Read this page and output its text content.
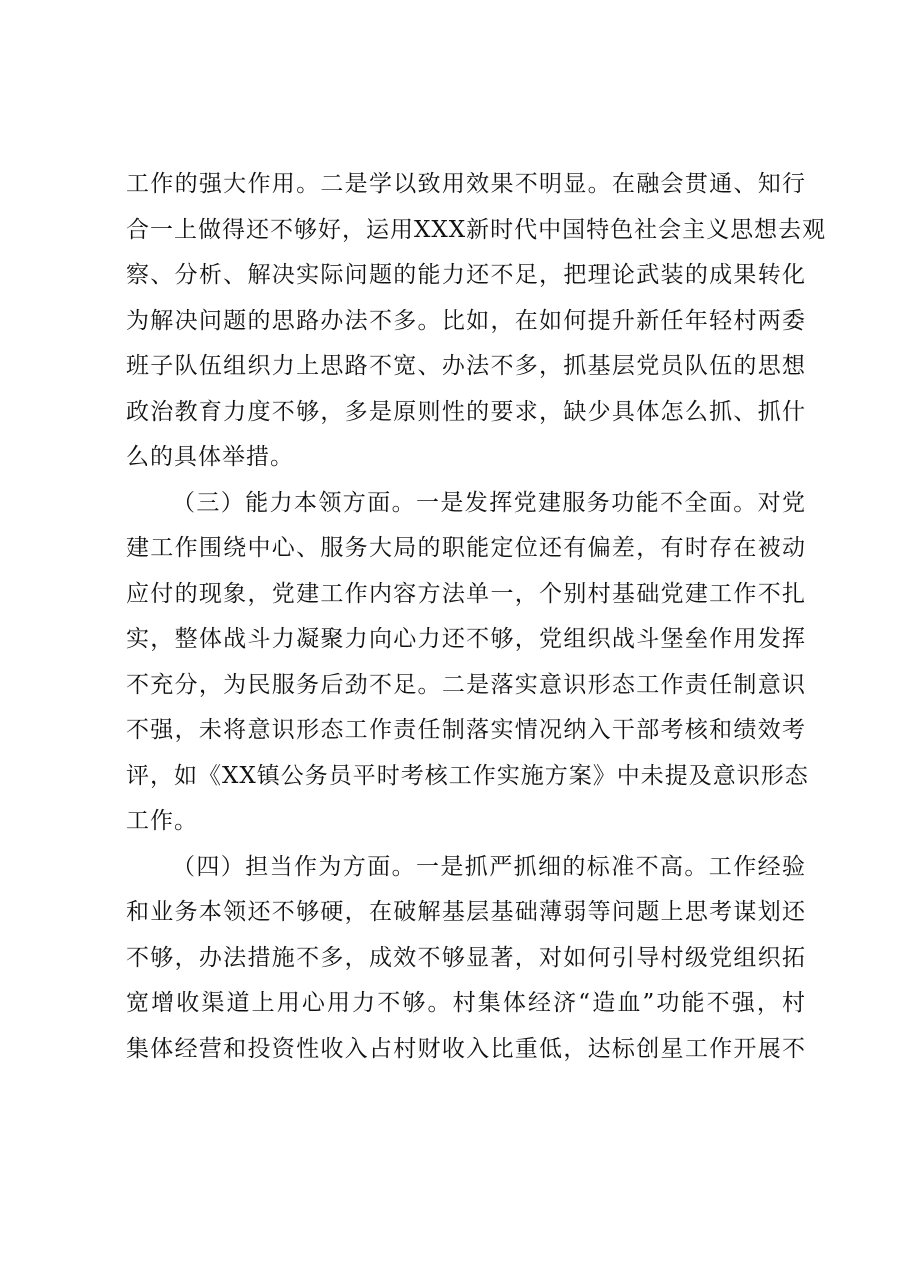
工作的强大作用。二是学以致用效果不明显。在融会贯通、知行
合一上做得还不够好，运用XXX新时代中国特色社会主义思想去观
察、分析、解决实际问题的能力还不足，把理论武装的成果转化
为解决问题的思路办法不多。比如，在如何提升新任年轻村两委
班子队伍组织力上思路不宽、办法不多，抓基层党员队伍的思想
政治教育力度不够，多是原则性的要求，缺少具体怎么抓、抓什
么的具体举措。
（三）能力本领方面。一是发挥党建服务功能不全面。对党
建工作围绕中心、服务大局的职能定位还有偏差，有时存在被动
应付的现象，党建工作内容方法单一，个别村基础党建工作不扎
实，整体战斗力凝聚力向心力还不够，党组织战斗堡垒作用发挥
不充分，为民服务后劲不足。二是落实意识形态工作责任制意识
不强，未将意识形态工作责任制落实情况纳入干部考核和绩效考
评，如《XX镇公务员平时考核工作实施方案》中未提及意识形态
工作。
（四）担当作为方面。一是抓严抓细的标准不高。工作经验
和业务本领还不够硬，在破解基层基础薄弱等问题上思考谋划还
不够，办法措施不多，成效不够显著，对如何引导村级党组织拓
宽增收渠道上用心用力不够。村集体经济“造血”功能不强，村
集体经营和投资性收入占村财收入比重低，达标创星工作开展不
